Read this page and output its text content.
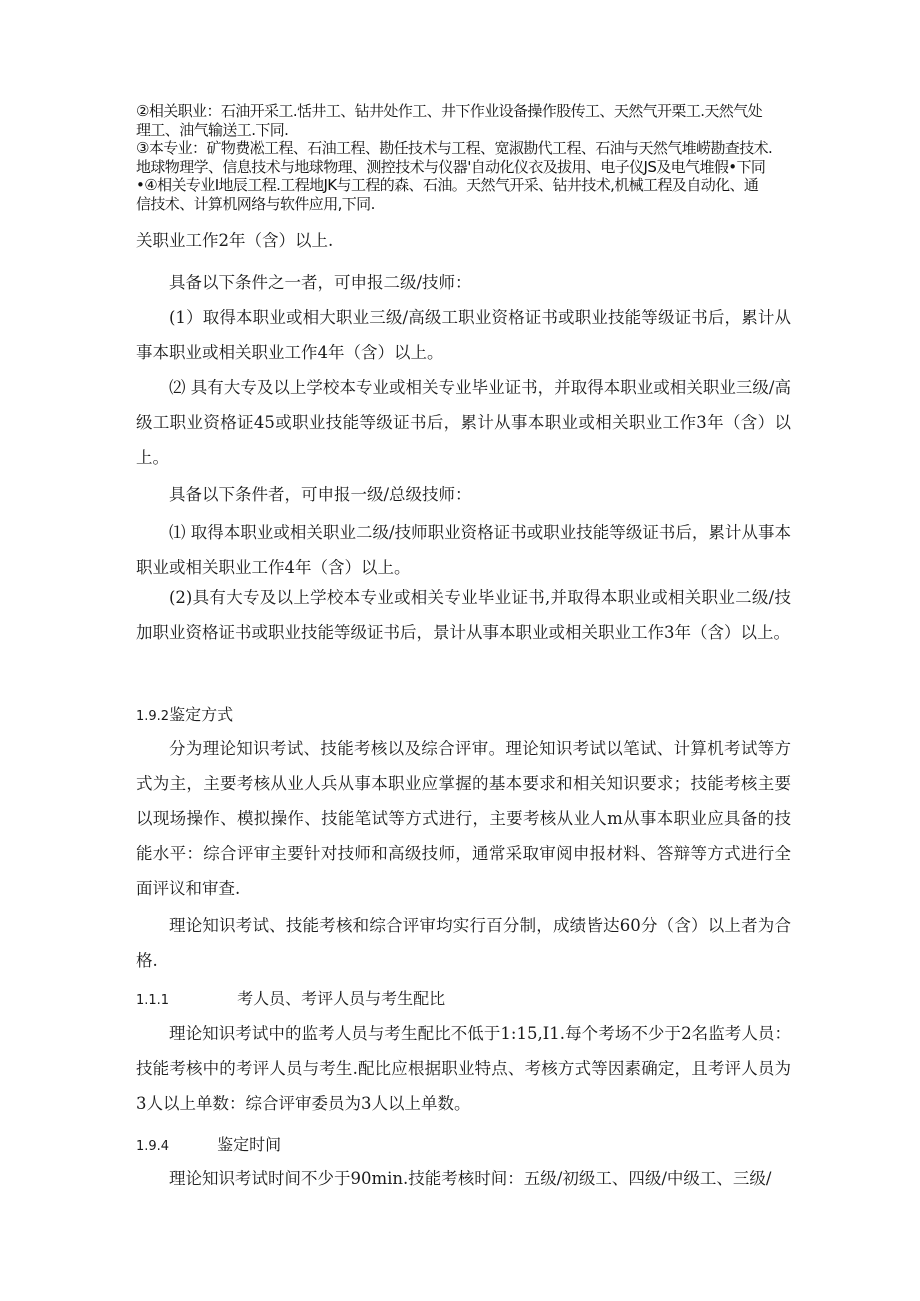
②相关职业：石油开采工.恬井工、钻井处作工、井下作业设备操作股传工、天然气开栗工.天然气处

理工、油气输送工.下同.

③本专业：矿物费凇工程、石油工程、勘任技术与工程、宽淑勘代工程、石油与天然气堆崂勘查技术.

地球物理学、信息技术与地球物理、测控技术与仪器'自动化仪衣及拔用、电子仪JS及电气堆假•下同

•④相关专业I地辰工程.工程地JK与工程的森、石油。天然气开采、钻井技术,机械工程及自动化、通

信技术、计算机网络与软件应用,下同.

关职业工作2年（含）以上.

具备以下条件之一者，可申报二级/技师：

(1）取得本职业或相大职业三级/高级工职业资格证书或职业技能等级证书后，累计从事本职业或相关职业工作4年（含）以上。

⑵ 具有大专及以上学校本专业或相关专业毕业证书，并取得本职业或相关职业三级/高级工职业资格证45或职业技能等级证书后，累计从事本职业或相关职业工作3年（含）以上。

具备以下条件者，可申报一级/总级技师：

⑴ 取得本职业或相关职业二级/技师职业资格证书或职业技能等级证书后，累计从事本职业或相关职业工作4年（含）以上。

(2)具有大专及以上学校本专业或相关专业毕业证书,并取得本职业或相关职业二级/技加职业资格证书或职业技能等级证书后，景计从事本职业或相关职业工作3年（含）以上。

1.9.2鉴定方式

分为理论知识考试、技能考核以及综合评审。理论知识考试以笔试、计算机考试等方式为主，主要考核从业人兵从事本职业应掌握的基本要求和相关知识要求；技能考核主要以现场操作、模拟操作、技能笔试等方式进行，主要考核从业人m从事本职业应具备的技能水平：综合评审主要针对技师和高级技师，通常采取审阅申报材料、答辩等方式进行全面评议和审查.

理论知识考试、技能考核和综合评审均实行百分制，成绩皆达60分（含）以上者为合格.

1.1.1	考人员、考评人员与考生配比

理论知识考试中的监考人员与考生配比不低于1:15,I1.每个考场不少于2名监考人员：技能考核中的考评人员与考生.配比应根据职业特点、考核方式等因素确定，且考评人员为3人以上单数：综合评审委员为3人以上单数。

1.9.4	鉴定时间

理论知识考试时间不少于90min.技能考核时间：五级/初级工、四级/中级工、三级/
